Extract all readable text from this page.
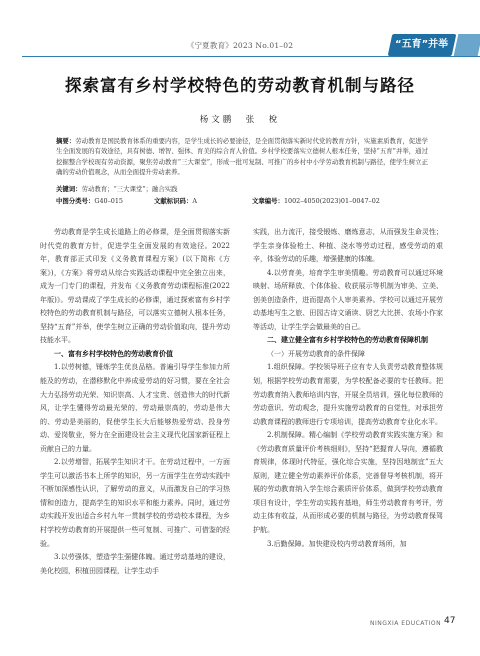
《宁夏教育》2023 No.01–02	“五育”并举
探索富有乡村学校特色的劳动教育机制与路径
杨文鹏　张　梲
摘要：劳动教育是国民教育体系的重要内容，是学生成长的必要途径，是全面贯彻落实新时代党的教育方针，实施素质教育，促进学生全面发展的有效途径，具有树德、增智、强体、育美的综合育人价值。乡村学校要落实立德树人根本任务，坚持“五育”并举，通过挖掘整合学校现有劳动资源，聚焦劳动教育“三大课堂”，形成一批可复制、可推广的乡村中小学劳动教育机制与路径，使学生树立正确的劳动价值观念，从而全面提升劳动素养。
关键词：劳动教育；“三大课堂”；融合实践
中图分类号：G40–015	文献标识码：A	文章编号：1002–4050(2023)01–0047–02

劳动教育是学生成长道路上的必修课，是全面贯彻落实新时代党的教育方针，促进学生全面发展的有效途径。2022年，教育部正式印发《义务教育课程方案》(以下简称《方案》)，《方案》将劳动从综合实践活动课程中完全独立出来，成为一门专门的课程，并发布《义务教育劳动课程标准(2022年版)》。劳动课成了学生成长的必修课，通过探索富有乡村学校特色的劳动教育机制与路径，可以落实立德树人根本任务，坚持“五育”并举，使学生树立正确的劳动价值取向，提升劳动技能水平。

一、富有乡村学校特色的劳动教育价值

1.以劳树德，锤炼学生优良品格。普遍引导学生参加力所能及的劳动，在潜移默化中养成爱劳动的好习惯，要在全社会大力弘扬劳动光荣、知识崇高、人才宝贵、创造伟大的时代新风，让学生懂得劳动最光荣的、劳动最崇高的，劳动是伟大的、劳动是美丽的，促使学生长大后能够热爱劳动、投身劳动、爱岗敬业，努力在全面建设社会主义现代化国家新征程上贡献自己的力量。

2.以劳增智，拓展学生知识才干。在劳动过程中，一方面学生可以激活书本上所学的知识，另一方面学生在劳动实践中不断加深感性认识，了解劳动的意义，从而激发自己的学习热情和创造力，提高学生的知识水平和能力素养。同时，通过劳动实践开发出适合乡村九年一贯制学校的劳动校本课程，为乡村学校劳动教育的开展提供一些可复制、可推广、可借鉴的经验。

3.以劳强体，塑造学生强健体魄。通过劳动基地的建设，美化校园，积植田园课程，让学生动手

实践，出力流汗，接受锻炼、磨炼意志，从而强发生命灵性；学生亲身体验枪土、种植、浇水等劳动过程，感受劳动的艰辛，体验劳动的乐趣，增强健康的体魄。

4.以劳育美，培育学生审美情趣。劳动教育可以通过环境映射、场所释放、个体体验、收获展示等机制为审美、立美、创美创造条件，进而提高个人审美素养。学校可以通过开展劳动基地写生之旅、田园古诗文诵读、厨艺大比拼、农场小作家等活动，让学生学会做最美的自己。

二、建立健全富有乡村学校特色的劳动教育保障机制
（一）开展劳动教育的条件保障

1.组织保障。学校领导班子应有专人负责劳动教育整体规划，根据学校劳动教育需要，为学校配备必要的专任教师。把劳动教育纳入教师培训内容，开展全员培训，强化每位教师的劳动意识、劳动观念，提升实施劳动教育的自觉性，对承担劳动教育课程的教师进行专项培训，提高劳动教育专业化水平。

2.机制保障。精心编制《学校劳动教育实践实施方案》和《劳动教育质量评价考核细则》，坚持“把握育人导向，遵循教育规律，体现时代特征，强化综合实施，坚持因地制宜”五大原则，建立健全劳动素养评价体系，完善督导考核机制，将开展的劳动教育纳入学生综合素质评价体系，做到学校劳动教育项目有设计，学生劳动实践有基地，师生劳动教育有考评，劳动主体有收益，从而形成必要的机制与路径，为劳动教育保驾护航。

3.后勤保障。加快建设校内劳动教育场所，加

NINGXIA EDUCATION 47
